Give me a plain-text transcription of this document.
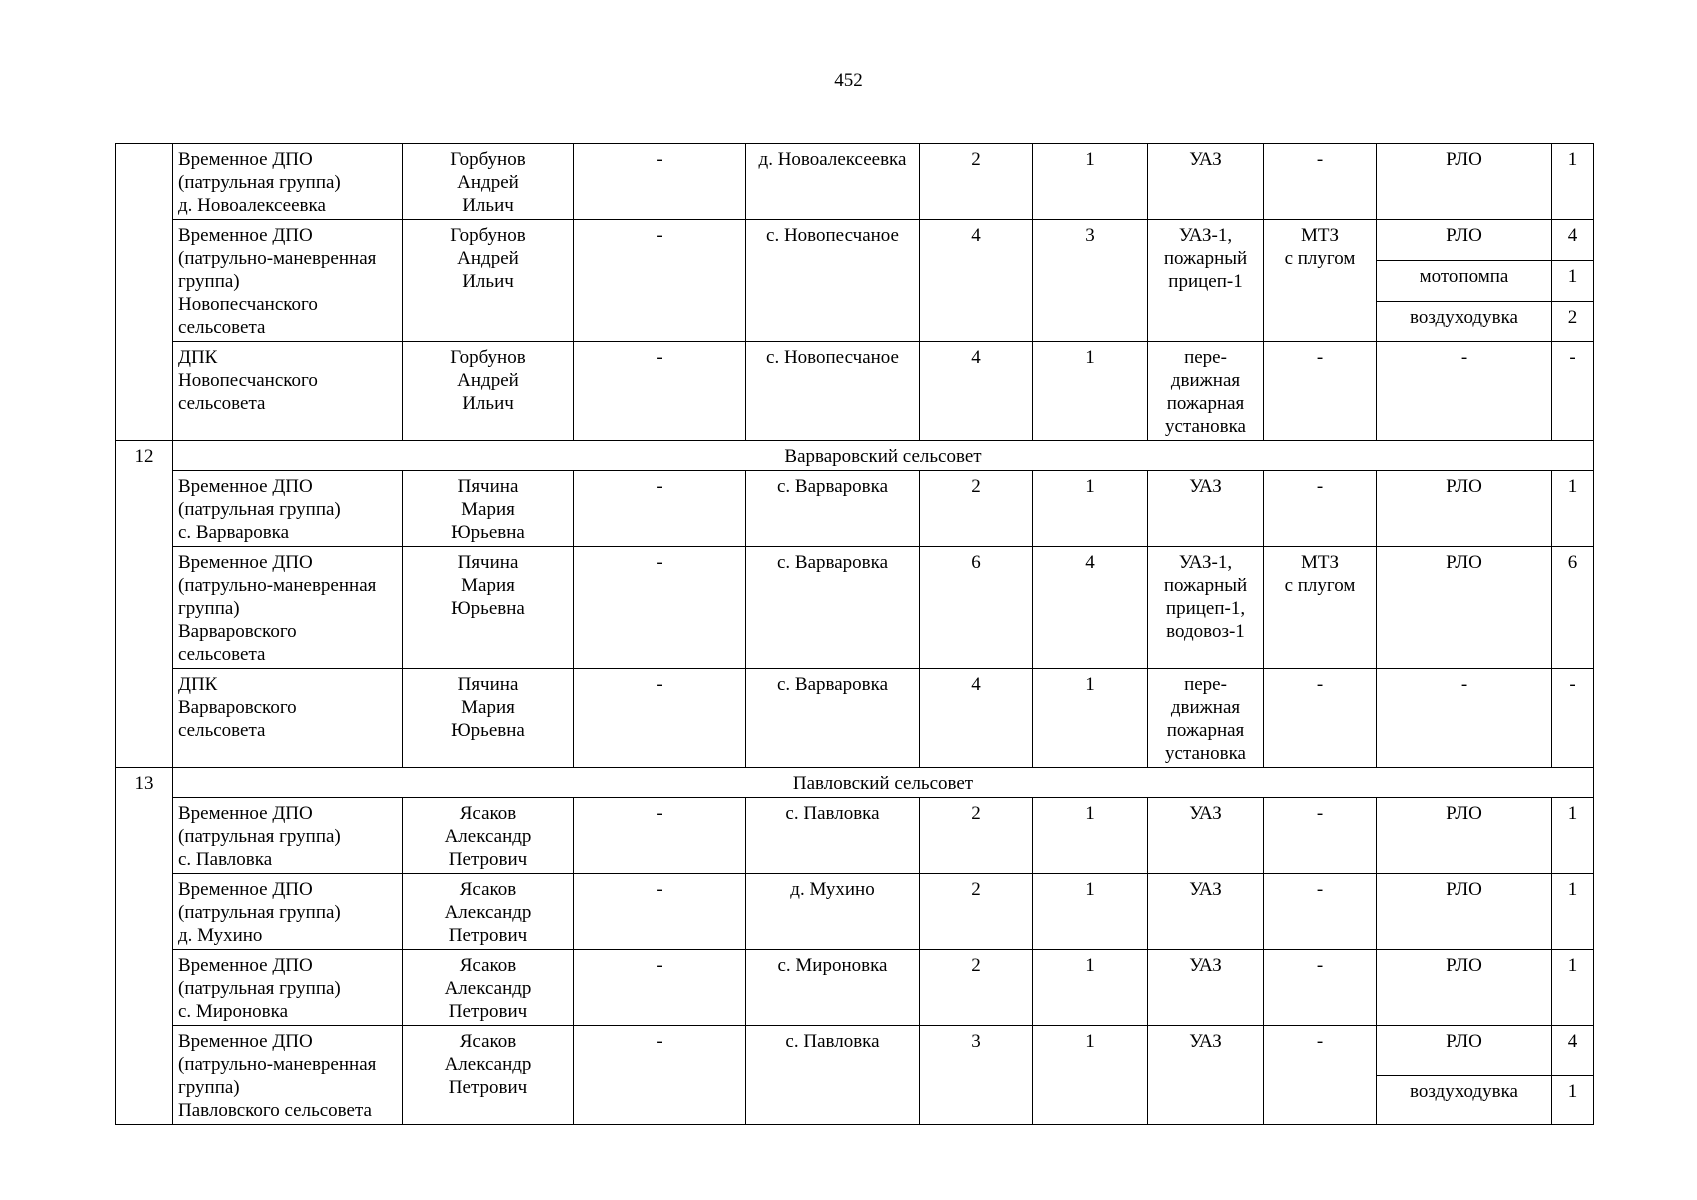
452
	Временное ДПО
(патрульная группа)
д. Новоалексеевка	Горбунов
Андрей
Ильич	-	д. Новоалексеевка	2	1	УАЗ	-	РЛО	1
	Временное ДПО
(патрульно-маневренная
группа)
Новопесчанского
сельсовета	Горбунов
Андрей
Ильич	-	с. Новопесчаное	4	3	УАЗ-1,
пожарный
прицеп-1	МТЗ
с плугом	РЛО	4
									мотопомпа	1
									воздуходувка	2
	ДПК
Новопесчанского
сельсовета	Горбунов
Андрей
Ильич	-	с. Новопесчаное	4	1	пере-
движная
пожарная
установка	-	-	-
12	Варваровский сельсовет									
	Временное ДПО
(патрульная группа)
с. Варваровка	Пячина
Мария
Юрьевна	-	с. Варваровка	2	1	УАЗ	-	РЛО	1
	Временное ДПО
(патрульно-маневренная
группа)
Варваровского
сельсовета	Пячина
Мария
Юрьевна	-	с. Варваровка	6	4	УАЗ-1,
пожарный
прицеп-1,
водовоз-1	МТЗ
с плугом	РЛО	6
	ДПК
Варваровского
сельсовета	Пячина
Мария
Юрьевна	-	с. Варваровка	4	1	пере-
движная
пожарная
установка	-	-	-
13	Павловский сельсовет									
	Временное ДПО
(патрульная группа)
с. Павловка	Ясаков
Александр
Петрович	-	с. Павловка	2	1	УАЗ	-	РЛО	1
	Временное ДПО
(патрульная группа)
д. Мухино	Ясаков
Александр
Петрович	-	д. Мухино	2	1	УАЗ	-	РЛО	1
	Временное ДПО
(патрульная группа)
с. Мироновка	Ясаков
Александр
Петрович	-	с. Мироновка	2	1	УАЗ	-	РЛО	1
	Временное ДПО
(патрульно-маневренная
группа)
Павловского сельсовета	Ясаков
Александр
Петрович	-	с. Павловка	3	1	УАЗ	-	РЛО	4
									воздуходувка	1
